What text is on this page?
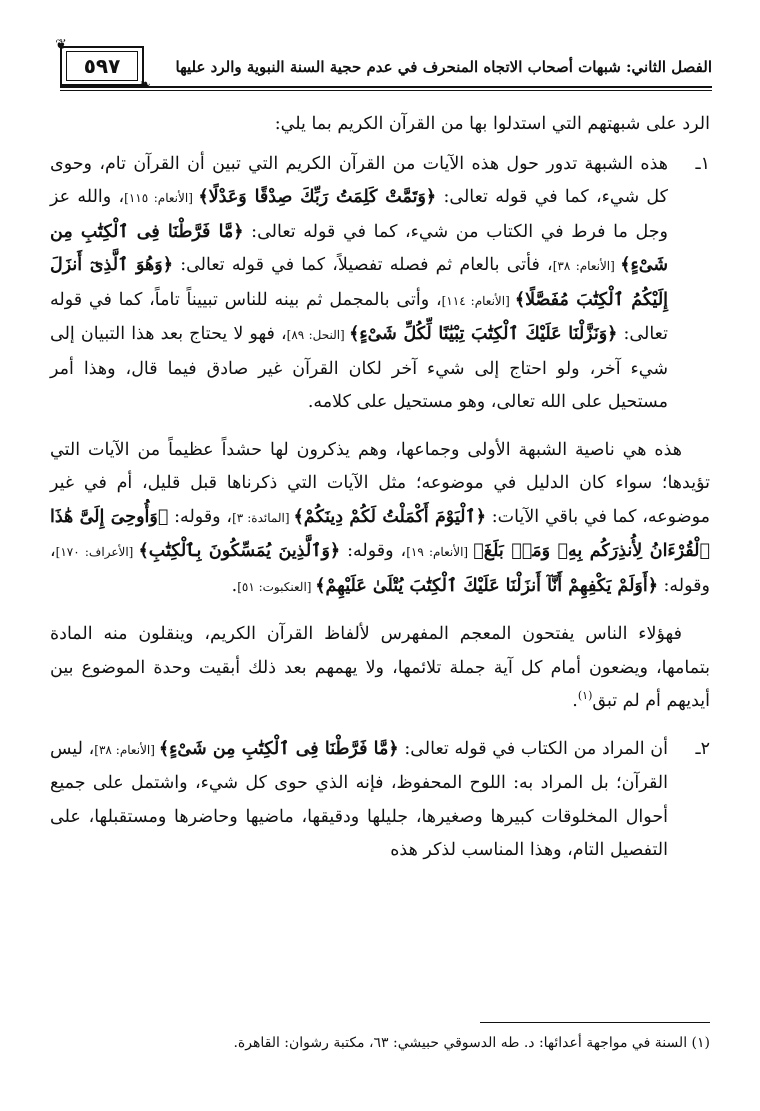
الفصل الثاني: شبهات أصحاب الاتجاه المنحرف في عدم حجية السنة النبوية والرد عليها
٥٩٧
❦
❧

الرد على شبهتهم التي استدلوا بها من القرآن الكريم بما يلي:

١ـ
هذه الشبهة تدور حول هذه الآيات من القرآن الكريم التي تبين أن القرآن تام، وحوى كل شيء، كما في قوله تعالى: ﴿وَتَمَّتْ كَلِمَتُ رَبِّكَ صِدْقًا وَعَدْلًا﴾ [الأنعام: ١١٥]، والله عز وجل ما فرط في الكتاب من شيء، كما في قوله تعالى: ﴿مَّا فَرَّطْنَا فِى ٱلْكِتَٰبِ مِن شَىْءٍ﴾ [الأنعام: ٣٨]، فأتى بالعام ثم فصله تفصيلاً، كما في قوله تعالى: ﴿وَهُوَ ٱلَّذِىٓ أَنزَلَ إِلَيْكُمُ ٱلْكِتَٰبَ مُفَصَّلًا﴾ [الأنعام: ١١٤]، وأتى بالمجمل ثم بينه للناس تبييناً تاماً، كما في قوله تعالى: ﴿وَنَزَّلْنَا عَلَيْكَ ٱلْكِتَٰبَ تِبْيَٰنًا لِّكُلِّ شَىْءٍ﴾ [النحل: ٨٩]، فهو لا يحتاج بعد هذا التبيان إلى شيء آخر، ولو احتاج إلى شيء آخر لكان القرآن غير صادق فيما قال، وهذا أمر مستحيل على الله تعالى، وهو مستحيل على كلامه.

هذه هي ناصية الشبهة الأولى وجماعها، وهم يذكرون لها حشداً عظيماً من الآيات التي تؤيدها؛ سواء كان الدليل في موضوعه؛ مثل الآيات التي ذكرناها قبل قليل، أم في غير موضوعه، كما في باقي الآيات: ﴿ٱلْيَوْمَ أَكْمَلْتُ لَكُمْ دِينَكُمْ﴾ [المائدة: ٣]، وقوله: ﴿وَأُوحِىَ إِلَىَّ هَٰذَا ٱلْقُرْءَانُ لِأُنذِرَكُم بِهِۦ وَمَنۢ بَلَغَ﴾ [الأنعام: ١٩]، وقوله: ﴿وَٱلَّذِينَ يُمَسِّكُونَ بِٱلْكِتَٰبِ﴾ [الأعراف: ١٧٠]، وقوله: ﴿أَوَلَمْ يَكْفِهِمْ أَنَّآ أَنزَلْنَا عَلَيْكَ ٱلْكِتَٰبَ يُتْلَىٰ عَلَيْهِمْ﴾ [العنكبوت: ٥١].

فهؤلاء الناس يفتحون المعجم المفهرس لألفاظ القرآن الكريم، وينقلون منه المادة بتمامها، ويضعون أمام كل آية جملة تلائمها، ولا يهمهم بعد ذلك أبقيت وحدة الموضوع بين أيديهم أم لم تبق$^{(١)}$.

٢ـ
أن المراد من الكتاب في قوله تعالى: ﴿مَّا فَرَّطْنَا فِى ٱلْكِتَٰبِ مِن شَىْءٍ﴾ [الأنعام: ٣٨]، ليس القرآن؛ بل المراد به: اللوح المحفوظ، فإنه الذي حوى كل شيء، واشتمل على جميع أحوال المخلوقات كبيرها وصغيرها، جليلها ودقيقها، ماضيها وحاضرها ومستقبلها، على التفصيل التام، وهذا المناسب لذكر هذه

(١) السنة في مواجهة أعدائها: د. طه الدسوقي حبيشي: ٦٣، مكتبة رشوان: القاهرة.
